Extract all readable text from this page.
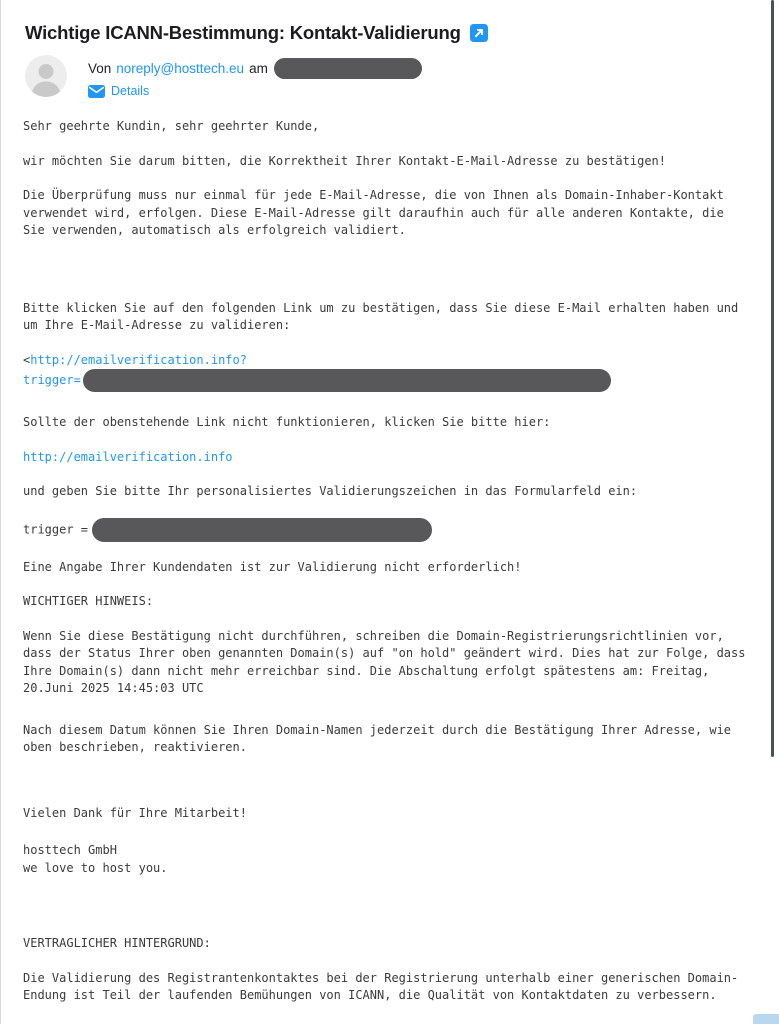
Wichtige ICANN-Bestimmung: Kontakt-Validierung
Von noreply@hosttech.eu am
Details
Sehr geehrte Kundin, sehr geehrter Kunde,
wir möchten Sie darum bitten, die Korrektheit Ihrer Kontakt-E-Mail-Adresse zu bestätigen!
Die Überprüfung muss nur einmal für jede E-Mail-Adresse, die von Ihnen als Domain-Inhaber-Kontakt verwendet wird, erfolgen. Diese E-Mail-Adresse gilt daraufhin auch für alle anderen Kontakte, die Sie verwenden, automatisch als erfolgreich validiert.
Bitte klicken Sie auf den folgenden Link um zu bestätigen, dass Sie diese E-Mail erhalten haben und um Ihre E-Mail-Adresse zu validieren:
<http://emailverification.info?
trigger=
Sollte der obenstehende Link nicht funktionieren, klicken Sie bitte hier:
http://emailverification.info
und geben Sie bitte Ihr personalisiertes Validierungszeichen in das Formularfeld ein:
trigger =
Eine Angabe Ihrer Kundendaten ist zur Validierung nicht erforderlich!
WICHTIGER HINWEIS:
Wenn Sie diese Bestätigung nicht durchführen, schreiben die Domain-Registrierungsrichtlinien vor, dass der Status Ihrer oben genannten Domain(s) auf "on hold" geändert wird. Dies hat zur Folge, dass Ihre Domain(s) dann nicht mehr erreichbar sind. Die Abschaltung erfolgt spätestens am: Freitag, 20.Juni 2025 14:45:03 UTC
Nach diesem Datum können Sie Ihren Domain-Namen jederzeit durch die Bestätigung Ihrer Adresse, wie oben beschrieben, reaktivieren.
Vielen Dank für Ihre Mitarbeit!
hosttech GmbH
we love to host you.
VERTRAGLICHER HINTERGRUND:
Die Validierung des Registrantenkontaktes bei der Registrierung unterhalb einer generischen Domain-Endung ist Teil der laufenden Bemühungen von ICANN, die Qualität von Kontaktdaten zu verbessern.
